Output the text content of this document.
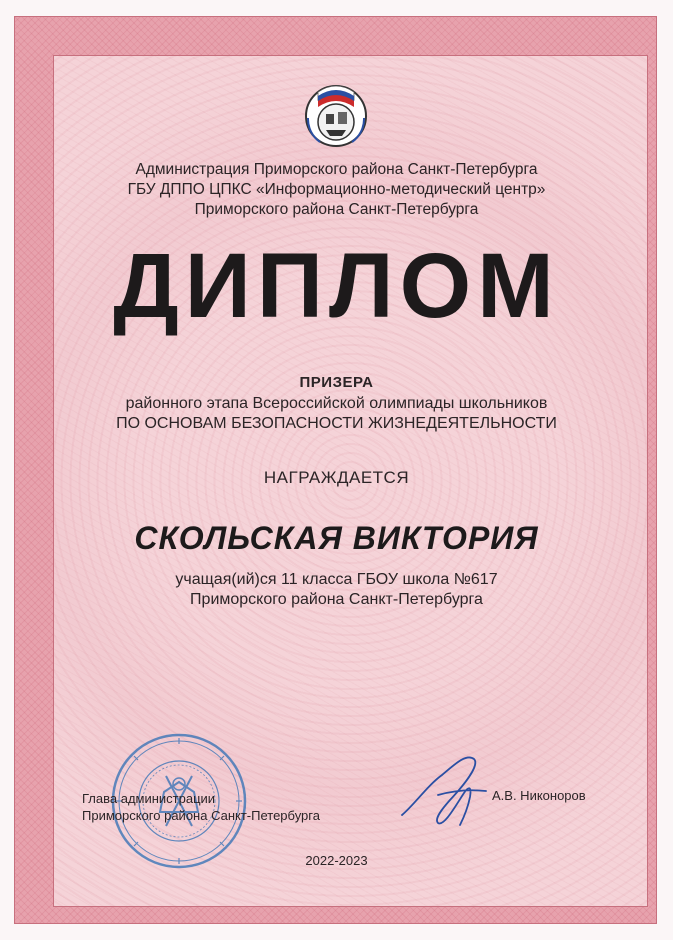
Администрация Приморского района Санкт-Петербурга
ГБУ ДППО ЦПКС «Информационно-методический центр»
Приморского района Санкт-Петербурга
ДИПЛОМ
ПРИЗЕРА
районного этапа Всероссийской олимпиады школьников
ПО ОСНОВАМ БЕЗОПАСНОСТИ ЖИЗНЕДЕЯТЕЛЬНОСТИ
НАГРАЖДАЕТСЯ
СКОЛЬСКАЯ ВИКТОРИЯ
учащая(ий)ся 11 класса ГБОУ школа №617
Приморского района Санкт-Петербурга
Глава администрации
Приморского района Санкт-Петербурга
А.В. Никоноров
2022-2023
